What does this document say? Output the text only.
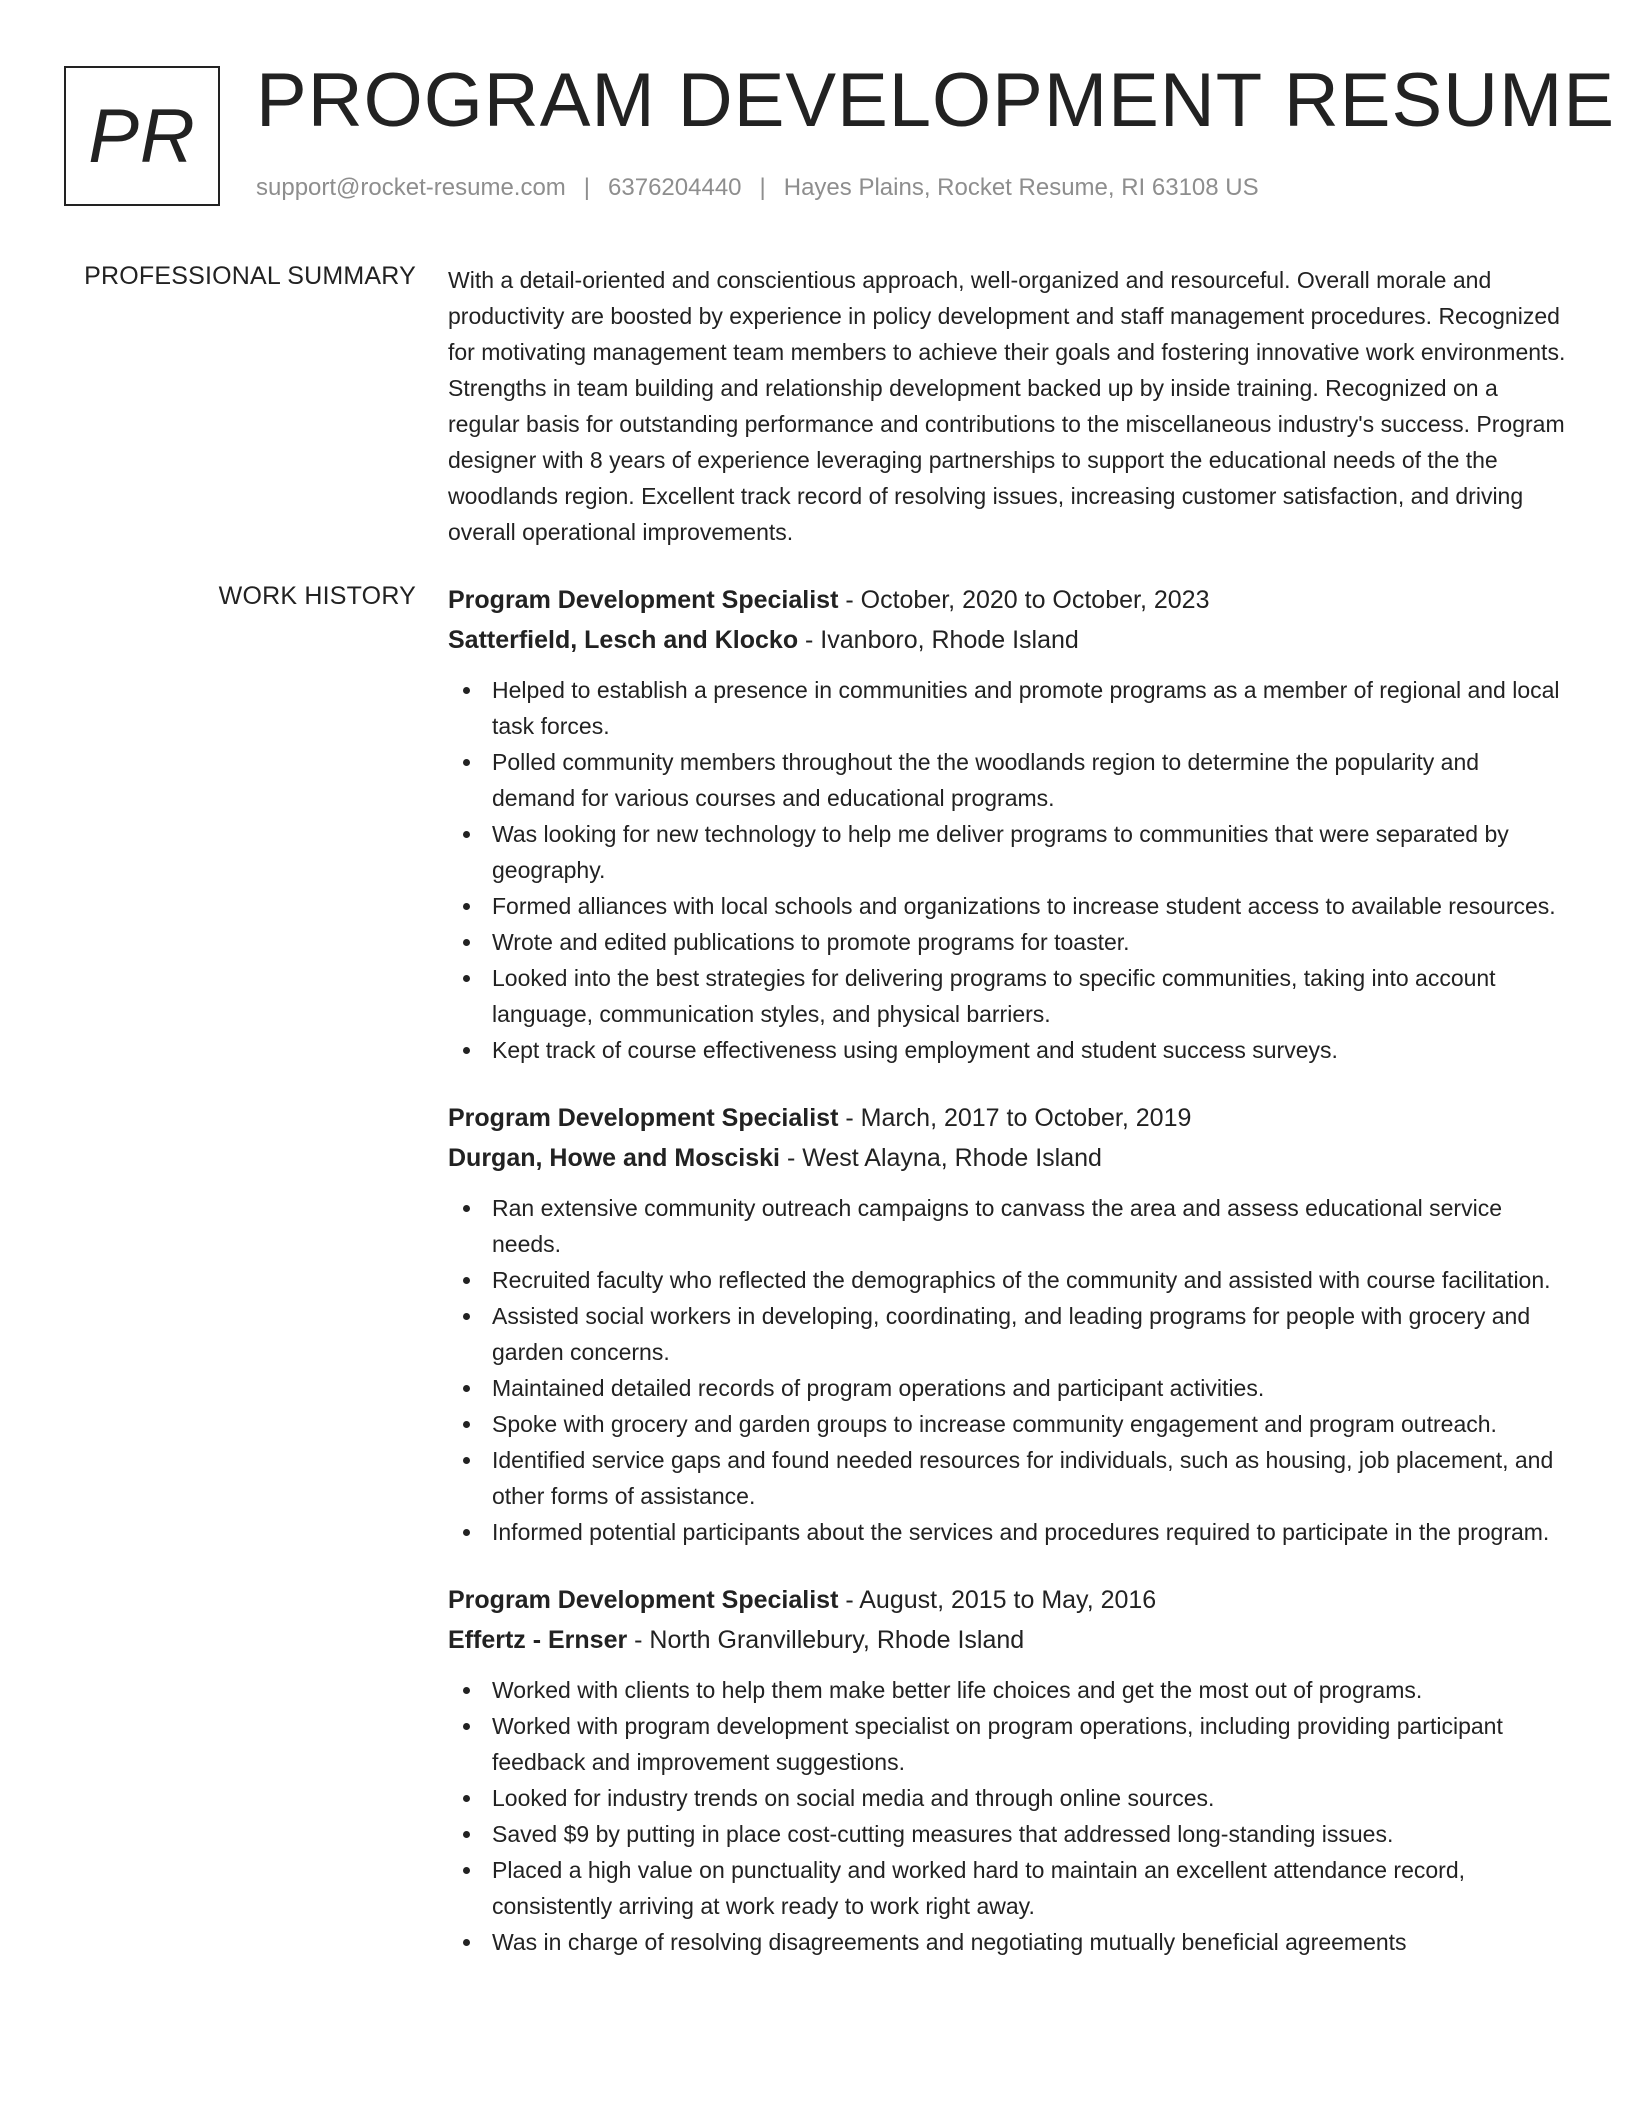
PR PROGRAM DEVELOPMENT RESUME
support@rocket-resume.com | 6376204440 | Hayes Plains, Rocket Resume, RI 63108 US
PROFESSIONAL SUMMARY With a detail-oriented and conscientious approach, well-organized and resourceful. Overall morale and productivity are boosted by experience in policy development and staff management procedures. Recognized for motivating management team members to achieve their goals and fostering innovative work environments. Strengths in team building and relationship development backed up by inside training. Recognized on a regular basis for outstanding performance and contributions to the miscellaneous industry's success. Program designer with 8 years of experience leveraging partnerships to support the educational needs of the the woodlands region. Excellent track record of resolving issues, increasing customer satisfaction, and driving overall operational improvements.

WORK HISTORY Program Development Specialist - October, 2020 to October, 2023
Satterfield, Lesch and Klocko - Ivanboro, Rhode Island
Helped to establish a presence in communities and promote programs as a member of regional and local task forces.
Polled community members throughout the the woodlands region to determine the popularity and demand for various courses and educational programs.
Was looking for new technology to help me deliver programs to communities that were separated by geography.
Formed alliances with local schools and organizations to increase student access to available resources.
Wrote and edited publications to promote programs for toaster.
Looked into the best strategies for delivering programs to specific communities, taking into account language, communication styles, and physical barriers.
Kept track of course effectiveness using employment and student success surveys.
Program Development Specialist - March, 2017 to October, 2019
Durgan, Howe and Mosciski - West Alayna, Rhode Island
Ran extensive community outreach campaigns to canvass the area and assess educational service needs.
Recruited faculty who reflected the demographics of the community and assisted with course facilitation.
Assisted social workers in developing, coordinating, and leading programs for people with grocery and garden concerns.
Maintained detailed records of program operations and participant activities.
Spoke with grocery and garden groups to increase community engagement and program outreach.
Identified service gaps and found needed resources for individuals, such as housing, job placement, and other forms of assistance.
Informed potential participants about the services and procedures required to participate in the program.
Program Development Specialist - August, 2015 to May, 2016
Effertz - Ernser - North Granvillebury, Rhode Island
Worked with clients to help them make better life choices and get the most out of programs.
Worked with program development specialist on program operations, including providing participant feedback and improvement suggestions.
Looked for industry trends on social media and through online sources.
Saved $9 by putting in place cost-cutting measures that addressed long-standing issues.
Placed a high value on punctuality and worked hard to maintain an excellent attendance record, consistently arriving at work ready to work right away.
Was in charge of resolving disagreements and negotiating mutually beneficial agreements
